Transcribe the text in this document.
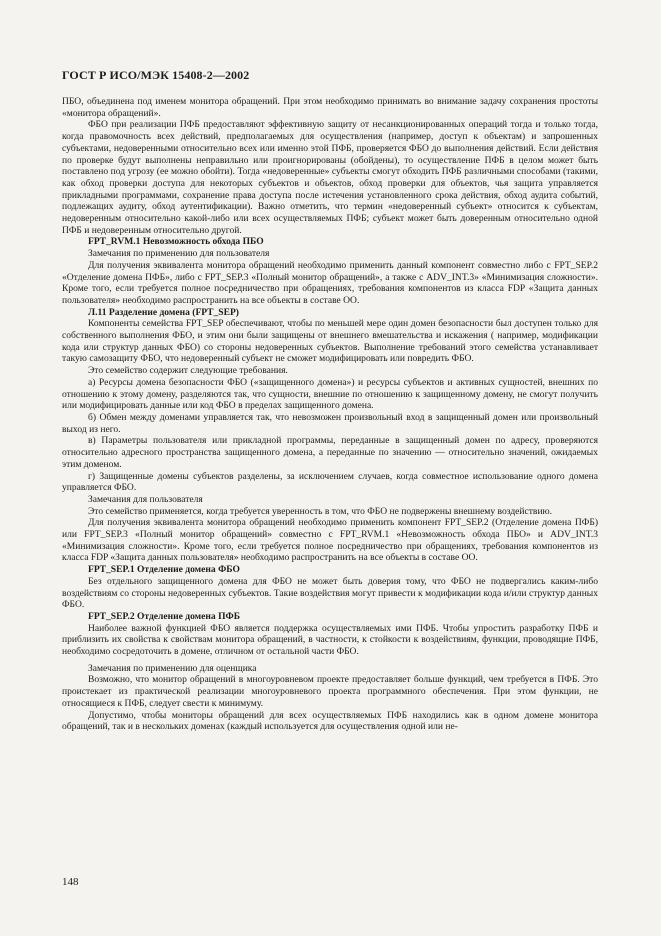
ГОСТ Р ИСО/МЭК 15408-2—2002

ПБО, объединена под именем монитора обращений. При этом необходимо принимать во внимание задачу сохранения простоты «монитора обращений».

ФБО при реализации ПФБ предоставляют эффективную защиту от несанкционированных операций тогда и только тогда, когда правомочность всех действий, предполагаемых для осуществления (например, доступ к объектам) и запрошенных субъектами, недоверенными относительно всех или именно этой ПФБ, проверяется ФБО до выполнения действий. Если действия по проверке будут выполнены неправильно или проигнорированы (обойдены), то осуществление ПФБ в целом может быть поставлено под угрозу (ее можно обойти). Тогда «недоверенные» субъекты смогут обходить ПФБ различными способами (такими, как обход проверки доступа для некоторых субъектов и объектов, обход проверки для объектов, чья защита управляется прикладными программами, сохранение права доступа после истечения установленного срока действия, обход аудита событий, подлежащих аудиту, обход аутентификации). Важно отметить, что термин «недоверенный субъект» относится к субъектам, недоверенным относительно какой-либо или всех осуществляемых ПФБ; субъект может быть доверенным относительно одной ПФБ и недоверенным относительно другой.

FPT_RVM.1 Невозможность обхода ПБО

Замечания по применению для пользователя

Для получения эквивалента монитора обращений необходимо применить данный компонент совместно либо с FPT_SEP.2 «Отделение домена ПФБ», либо с FPT_SEP.3 «Полный монитор обращений», а также с ADV_INT.3» «Минимизация сложности». Кроме того, если требуется полное посредничество при обращениях, требования компонентов из класса FDP «Защита данных пользователя» необходимо распространить на все объекты в составе ОО.

Л.11 Разделение домена (FPT_SEP)

Компоненты семейства FPT_SEP обеспечивают, чтобы по меньшей мере один домен безопасности был доступен только для собственного выполнения ФБО, и этим они были защищены от внешнего вмешательства и искажения ( например, модификации кода или структур данных ФБО) со стороны недоверенных субъектов. Выполнение требований этого семейства устанавливает такую самозащиту ФБО, что недоверенный субъект не сможет модифицировать или повредить ФБО.

Это семейство содержит следующие требования.

а) Ресурсы домена безопасности ФБО («защищенного домена») и ресурсы субъектов и активных сущностей, внешних по отношению к этому домену, разделяются так, что сущности, внешние по отношению к защищенному домену, не смогут получить или модифицировать данные или код ФБО в пределах защищенного домена.

б) Обмен между доменами управляется так, что невозможен произвольный вход в защищенный домен или произвольный выход из него.

в) Параметры пользователя или прикладной программы, переданные в защищенный домен по адресу, проверяются относительно адресного пространства защищенного домена, а переданные по значению — относительно значений, ожидаемых этим доменом.

г) Защищенные домены субъектов разделены, за исключением случаев, когда совместное использование одного домена управляется ФБО.

Замечания для пользователя

Это семейство применяется, когда требуется уверенность в том, что ФБО не подвержены внешнему воздействию.

Для получения эквивалента монитора обращений необходимо применить компонент FPT_SEP.2 (Отделение домена ПФБ) или FPT_SEP.3 «Полный монитор обращений» совместно с FPT_RVM.1 «Невозможность обхода ПБО» и ADV_INT.3 «Минимизация сложности». Кроме того, если требуется полное посредничество при обращениях, требования компонентов из класса FDP «Защита данных пользователя» необходимо распространить на все объекты в составе ОО.

FPT_SEP.1 Отделение домена ФБО

Без отдельного защищенного домена для ФБО не может быть доверия тому, что ФБО не подвергались каким-либо воздействиям со стороны недоверенных субъектов. Такие воздействия могут привести к модификации кода и/или структур данных ФБО.

FPT_SEP.2 Отделение домена ПФБ

Наиболее важной функцией ФБО является поддержка осуществляемых ими ПФБ. Чтобы упростить разработку ПФБ и приблизить их свойства к свойствам монитора обращений, в частности, к стойкости к воздействиям, функции, проводящие ПФБ, необходимо сосредоточить в домене, отличном от остальной части ФБО.

Замечания по применению для оценщика

Возможно, что монитор обращений в многоуровневом проекте предоставляет больше функций, чем требуется в ПФБ. Это проистекает из практической реализации многоуровневого проекта программного обеспечения. При этом функции, не относящиеся к ПФБ, следует свести к минимуму.

Допустимо, чтобы мониторы обращений для всех осуществляемых ПФБ находились как в одном домене монитора обращений, так и в нескольких доменах (каждый используется для осуществления одной или не-

148
